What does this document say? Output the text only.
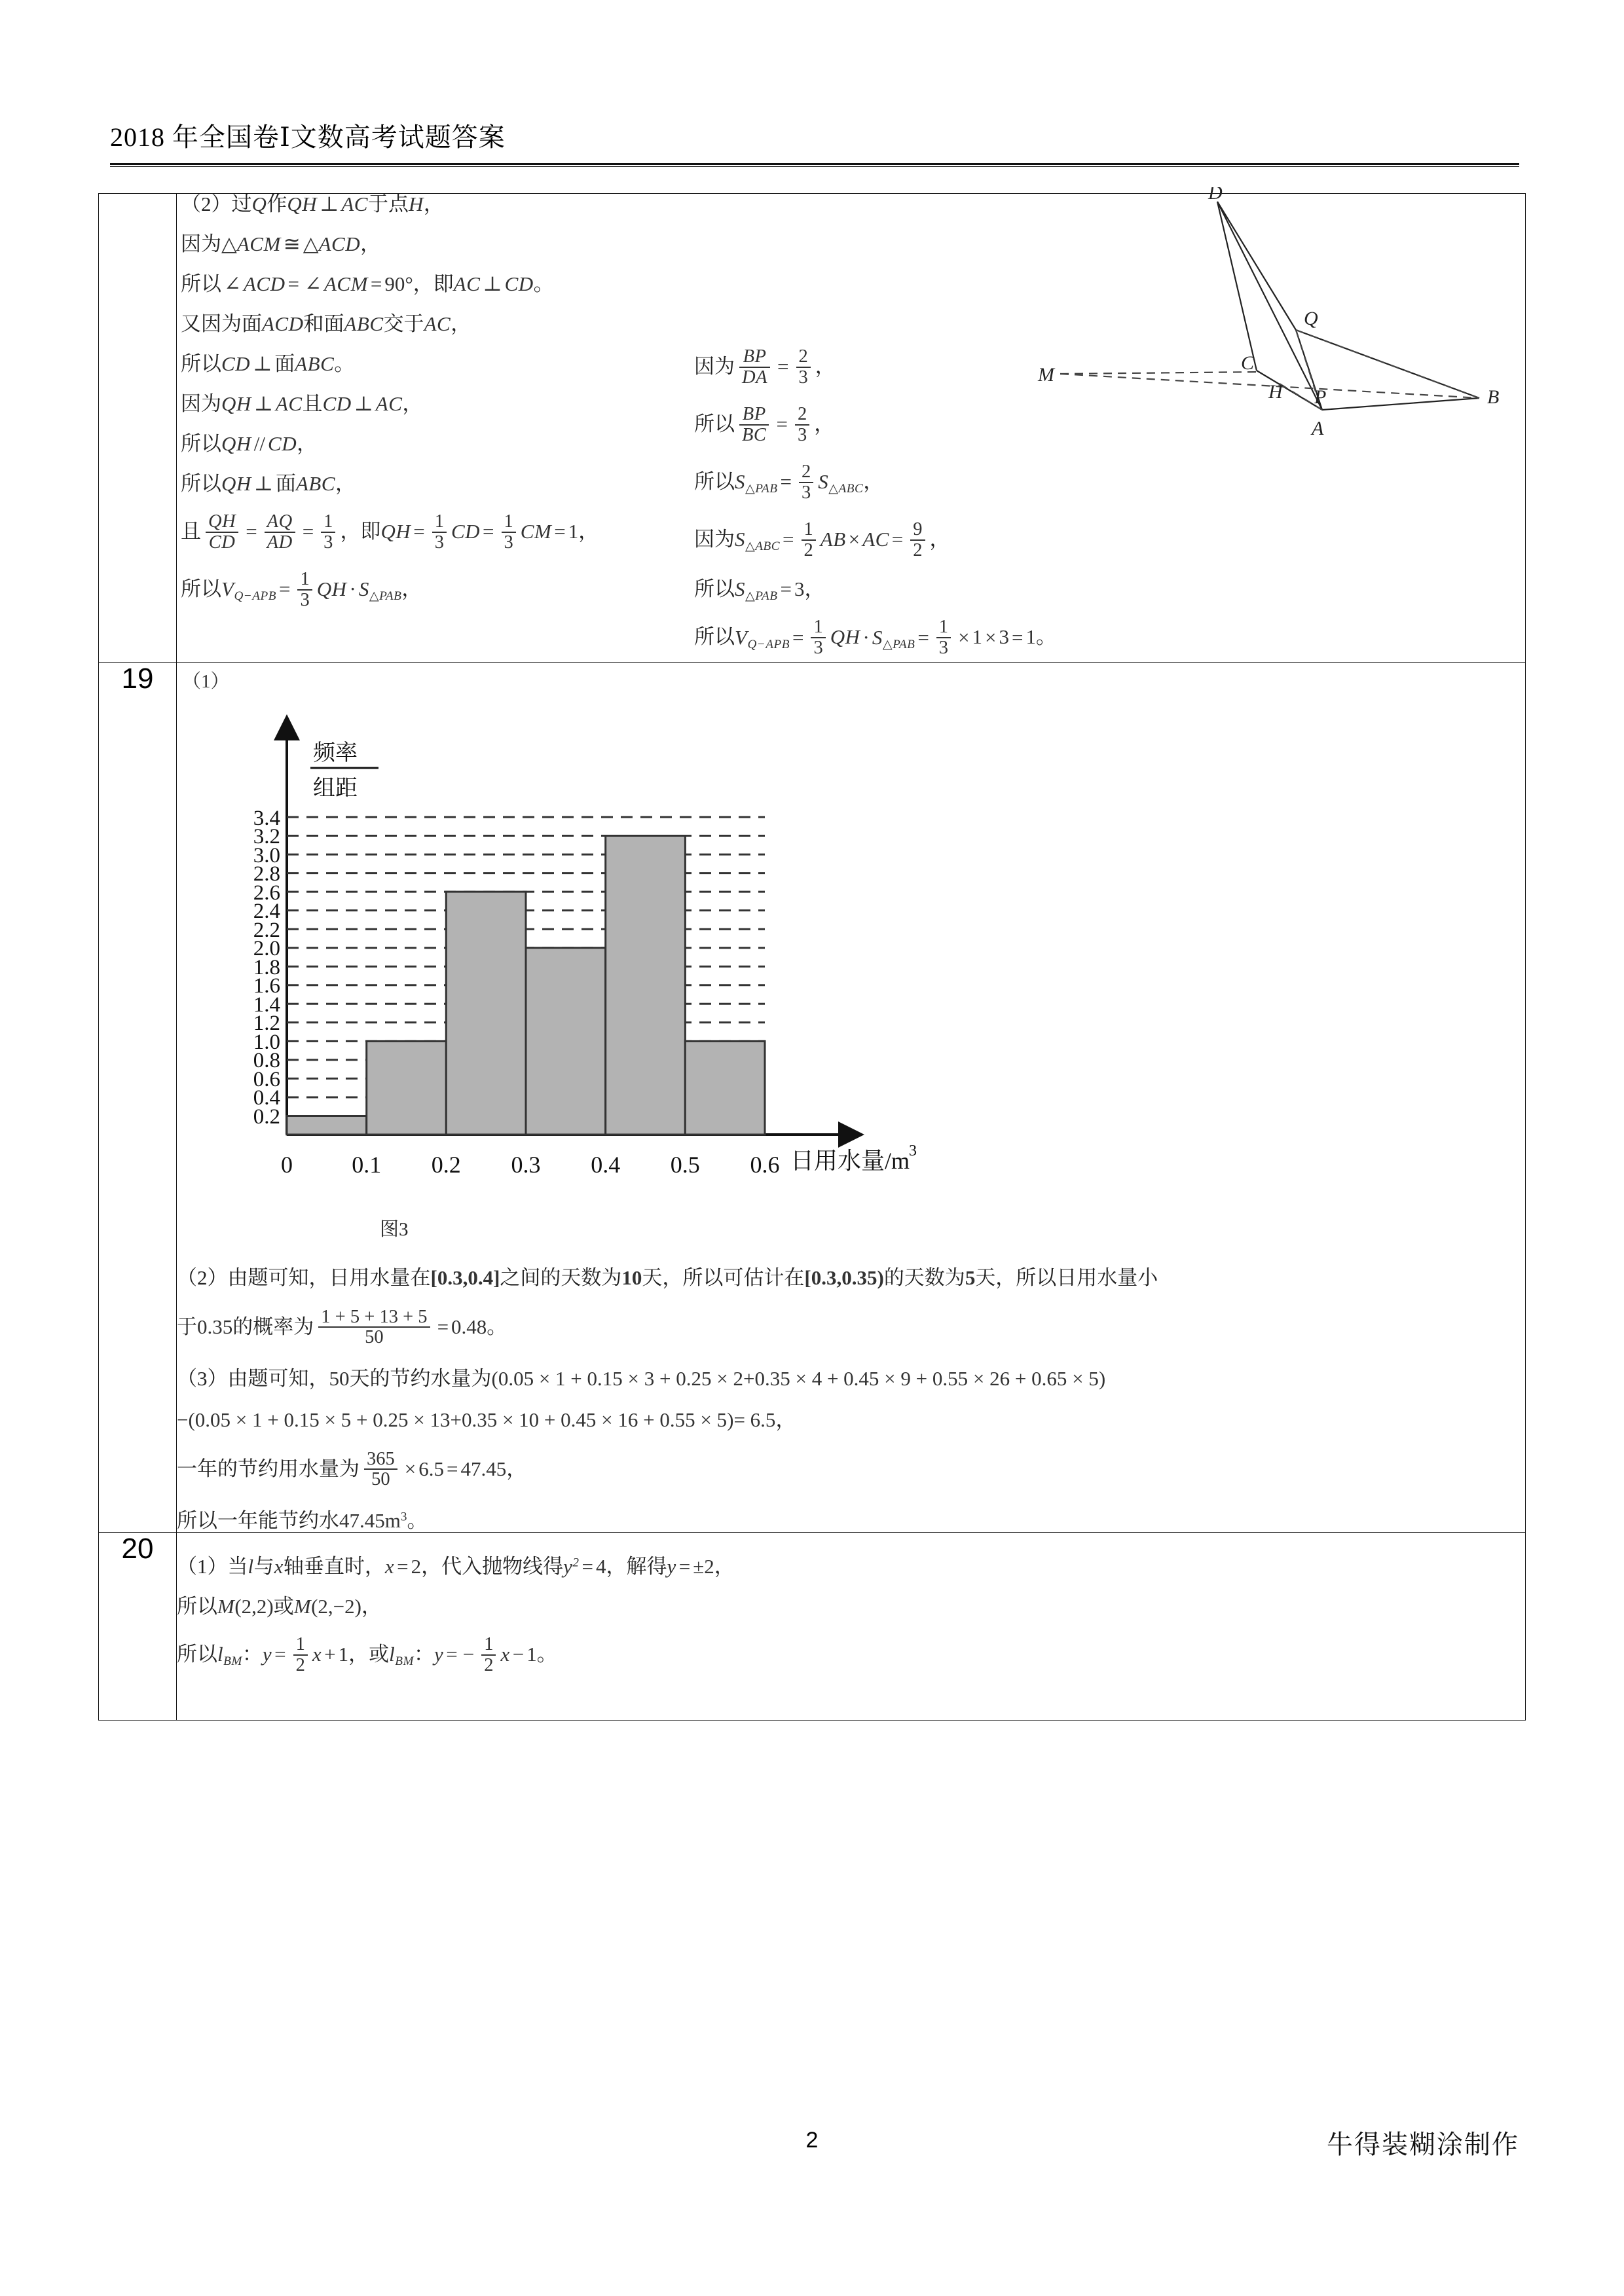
2018 年全国卷Ⅰ文数高考试题答案

（2）过Q作QH ⊥ AC于点H，
因为△ACM ≅ △ACD，
所以 ∠ ACD = ∠ ACM = 90°，即AC ⊥ CD。
又因为面ACD和面ABC交于AC，
所以CD ⊥ 面ABC。
因为QH ⊥ AC且CD ⊥ AC，
所以QH // CD，
所以QH ⊥ 面ABC，
且 $\frac{QH}{CD} = \frac{AQ}{AD} = \frac{1}{3}$ ，即QH = $\frac{1}{3}$ CD = $\frac{1}{3}$ CM = 1，
所以$V_{Q-APB} = \frac{1}{3}$ QH · $S_{\triangle PAB}$，
因为 $\frac{BP}{DA} = \frac{2}{3}$ ，
所以 $\frac{BP}{BC} = \frac{2}{3}$ ，
所以$S_{\triangle PAB} = \frac{2}{3} S_{\triangle ABC}$，
因为$S_{\triangle ABC} = \frac{1}{2}$ AB × AC = $\frac{9}{2}$ ，
所以$S_{\triangle PAB} = 3$，
所以$V_{Q-APB} = \frac{1}{3}$ QH · $S_{\triangle PAB} = \frac{1}{3} \times 1 \times 3 = 1$。
D
Q
C
M
H P
A
B

19	（1）
频率
组距
0.2
0.4
0.6
0.8
1.0
1.2
1.4
1.6
1.8
2.0
2.2
2.4
2.6
2.8
3.0
3.2
3.4
0	0.1 0.2 0.3 0.4 0.5 0.6 日用水量/m
3
图3
（2）由题可知，日用水量在[0.3,0.4]之间的天数为10天，所以可估计在[0.3,0.35)的天数为5天，所以日用水量小
于0.35的概率为 $\frac{1 + 5 + 13 + 5}{50} = 0.48$。
（3）由题可知，50天的节约水量为(0.05 × 1 + 0.15 × 3 + 0.25 × 2+0.35 × 4 + 0.45 × 9 + 0.55 × 26 + 0.65 × 5)
−(0.05 × 1 + 0.15 × 5 + 0.25 × 13+0.35 × 10 + 0.45 × 16 + 0.55 × 5)= 6.5，
一年的节约用水量为 $\frac{365}{50} \times 6.5 = 47.45$，
所以一年能节约水$47.45m^3$。

20	
（1）当l与x轴垂直时，x = 2，代入抛物线得$y^2 = 4$，解得y = ±2，
所以M(2,2)或M(2,−2)，
所以$l_{BM}$：$y = \frac{1}{2}$ x + 1，或$l_{BM}$：y = − $\frac{1}{2}$ x − 1。
2	牛得装糊涂制作
